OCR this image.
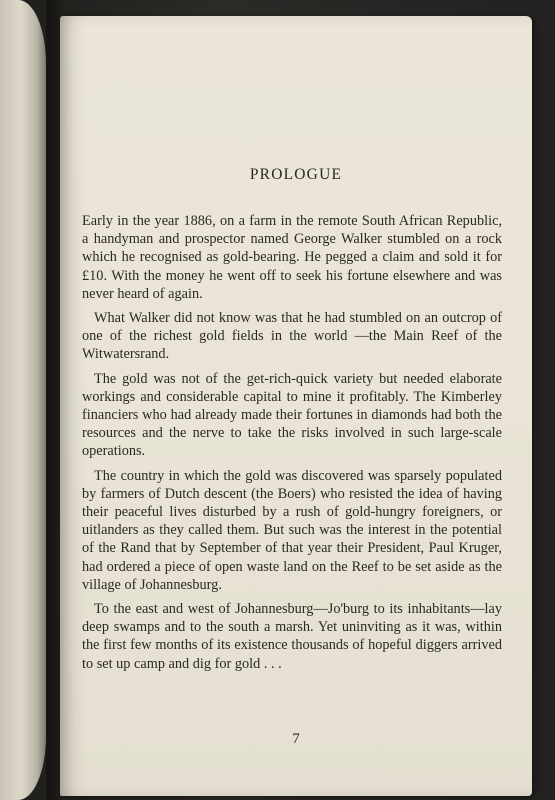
PROLOGUE

Early in the year 1886, on a farm in the remote South African Republic, a handyman and prospector named George Walker stumbled on a rock which he recognised as gold-bearing. He pegged a claim and sold it for £10. With the money he went off to seek his fortune elsewhere and was never heard of again.

What Walker did not know was that he had stumbled on an outcrop of one of the richest gold fields in the world —the Main Reef of the Witwatersrand.

The gold was not of the get-rich-quick variety but needed elaborate workings and considerable capital to mine it profitably. The Kimberley financiers who had already made their fortunes in diamonds had both the resources and the nerve to take the risks involved in such large-scale operations.

The country in which the gold was discovered was sparsely populated by farmers of Dutch descent (the Boers) who resisted the idea of having their peaceful lives disturbed by a rush of gold-hungry foreigners, or uitlanders as they called them. But such was the interest in the potential of the Rand that by September of that year their President, Paul Kruger, had ordered a piece of open waste land on the Reef to be set aside as the village of Johannesburg.

To the east and west of Johannesburg—Jo'burg to its inhabitants—lay deep swamps and to the south a marsh. Yet uninviting as it was, within the first few months of its existence thousands of hopeful diggers arrived to set up camp and dig for gold . . .

7
